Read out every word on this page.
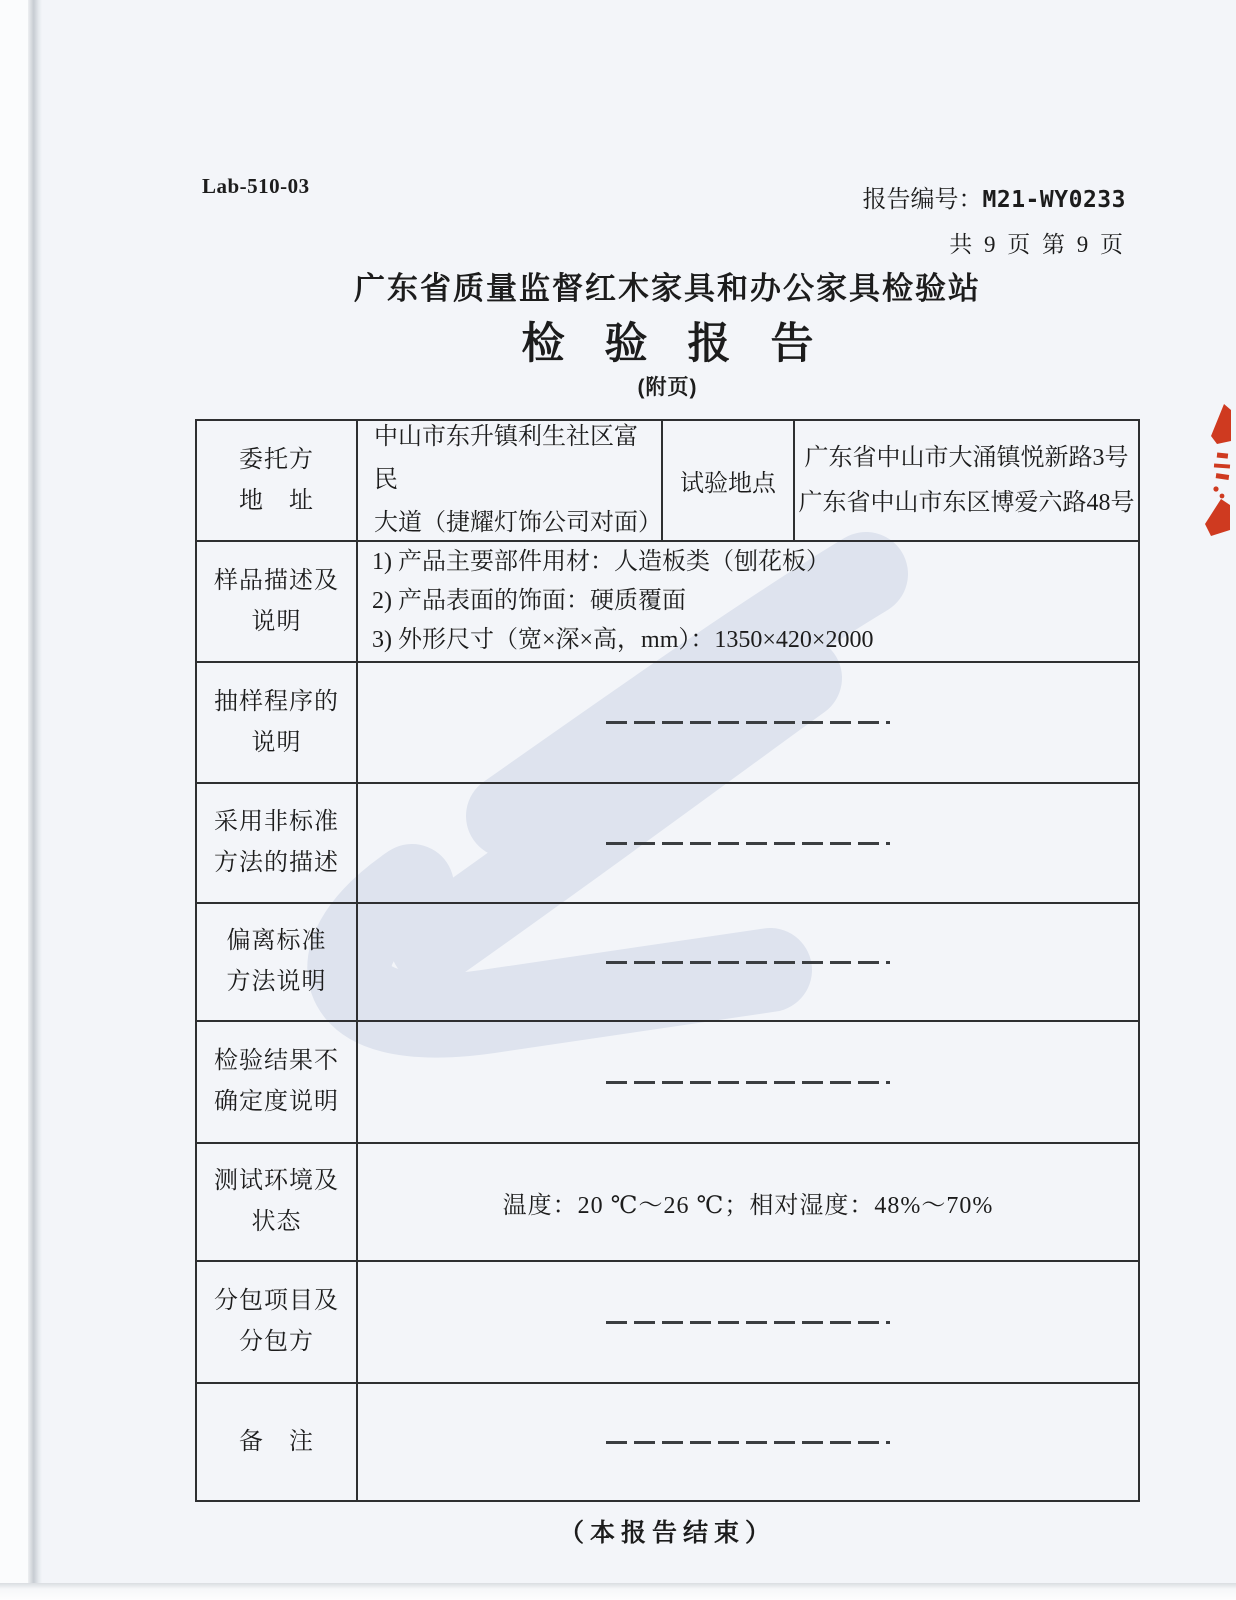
Lab-510-03
报告编号：M21-WY0233
共 9 页 第 9 页
广东省质量监督红木家具和办公家具检验站
检验报告
(附页)
委托方
地　址
中山市东升镇利生社区富民
大道（捷耀灯饰公司对面）
试验地点
广东省中山市大涌镇悦新路3号
广东省中山市东区博爱六路48号
样品描述及
说明
1) 产品主要部件用材：人造板类（刨花板）
2) 产品表面的饰面：硬质覆面
3) 外形尺寸（宽×深×高，mm）：1350×420×2000
抽样程序的
说明
采用非标准
方法的描述
偏离标准
方法说明
检验结果不
确定度说明
测试环境及
状态
温度：20 ℃～26 ℃；相对湿度：48%～70%
分包项目及
分包方
备　注
（本报告结束）
